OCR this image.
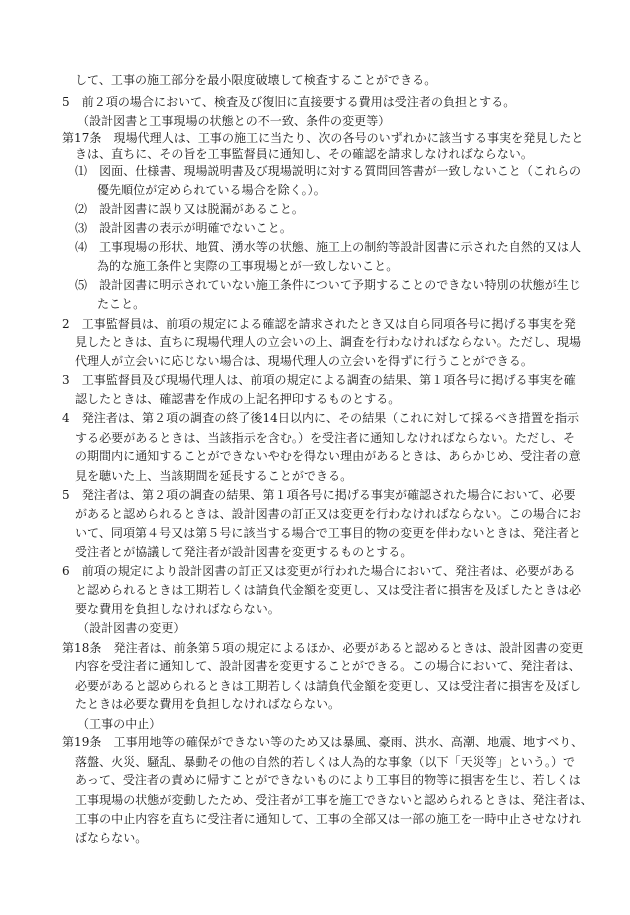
して、工事の施工部分を最小限度破壊して検査することができる。

5　前２項の場合において、検査及び復旧に直接要する費用は受注者の負担とする。

（設計図書と工事現場の状態との不一致、条件の変更等）

第17条　現場代理人は、工事の施工に当たり、次の各号のいずれかに該当する事実を発見したと

きは、直ちに、その旨を工事監督員に通知し、その確認を請求しなければならない。

⑴　図面、仕様書、現場説明書及び現場説明に対する質問回答書が一致しないこと（これらの

優先順位が定められている場合を除く。）。

⑵　設計図書に誤り又は脱漏があること。

⑶　設計図書の表示が明確でないこと。

⑷　工事現場の形状、地質、湧水等の状態、施工上の制約等設計図書に示された自然的又は人

為的な施工条件と実際の工事現場とが一致しないこと。

⑸　設計図書に明示されていない施工条件について予期することのできない特別の状態が生じ

たこと。

2　工事監督員は、前項の規定による確認を請求されたとき又は自ら同項各号に掲げる事実を発

見したときは、直ちに現場代理人の立会いの上、調査を行わなければならない。ただし、現場

代理人が立会いに応じない場合は、現場代理人の立会いを得ずに行うことができる。

3　工事監督員及び現場代理人は、前項の規定による調査の結果、第１項各号に掲げる事実を確

認したときは、確認書を作成の上記名押印するものとする。

4　発注者は、第２項の調査の終了後14日以内に、その結果（これに対して採るべき措置を指示

する必要があるときは、当該指示を含む。）を受注者に通知しなければならない。ただし、そ

の期間内に通知することができないやむを得ない理由があるときは、あらかじめ、受注者の意

見を聴いた上、当該期間を延長することができる。

5　発注者は、第２項の調査の結果、第１項各号に掲げる事実が確認された場合において、必要

があると認められるときは、設計図書の訂正又は変更を行わなければならない。この場合にお

いて、同項第４号又は第５号に該当する場合で工事目的物の変更を伴わないときは、発注者と

受注者とが協議して発注者が設計図書を変更するものとする。

6　前項の規定により設計図書の訂正又は変更が行われた場合において、発注者は、必要がある

と認められるときは工期若しくは請負代金額を変更し、又は受注者に損害を及ぼしたときは必

要な費用を負担しなければならない。

（設計図書の変更）

第18条　発注者は、前条第５項の規定によるほか、必要があると認めるときは、設計図書の変更

内容を受注者に通知して、設計図書を変更することができる。この場合において、発注者は、

必要があると認められるときは工期若しくは請負代金額を変更し、又は受注者に損害を及ぼし

たときは必要な費用を負担しなければならない。

（工事の中止）

第19条　工事用地等の確保ができない等のため又は暴風、豪雨、洪水、高潮、地震、地すべり、

落盤、火災、騒乱、暴動その他の自然的若しくは人為的な事象（以下「天災等」という。）で

あって、受注者の責めに帰すことができないものにより工事目的物等に損害を生じ、若しくは

工事現場の状態が変動したため、受注者が工事を施工できないと認められるときは、発注者は、

工事の中止内容を直ちに受注者に通知して、工事の全部又は一部の施工を一時中止させなけれ

ばならない。
